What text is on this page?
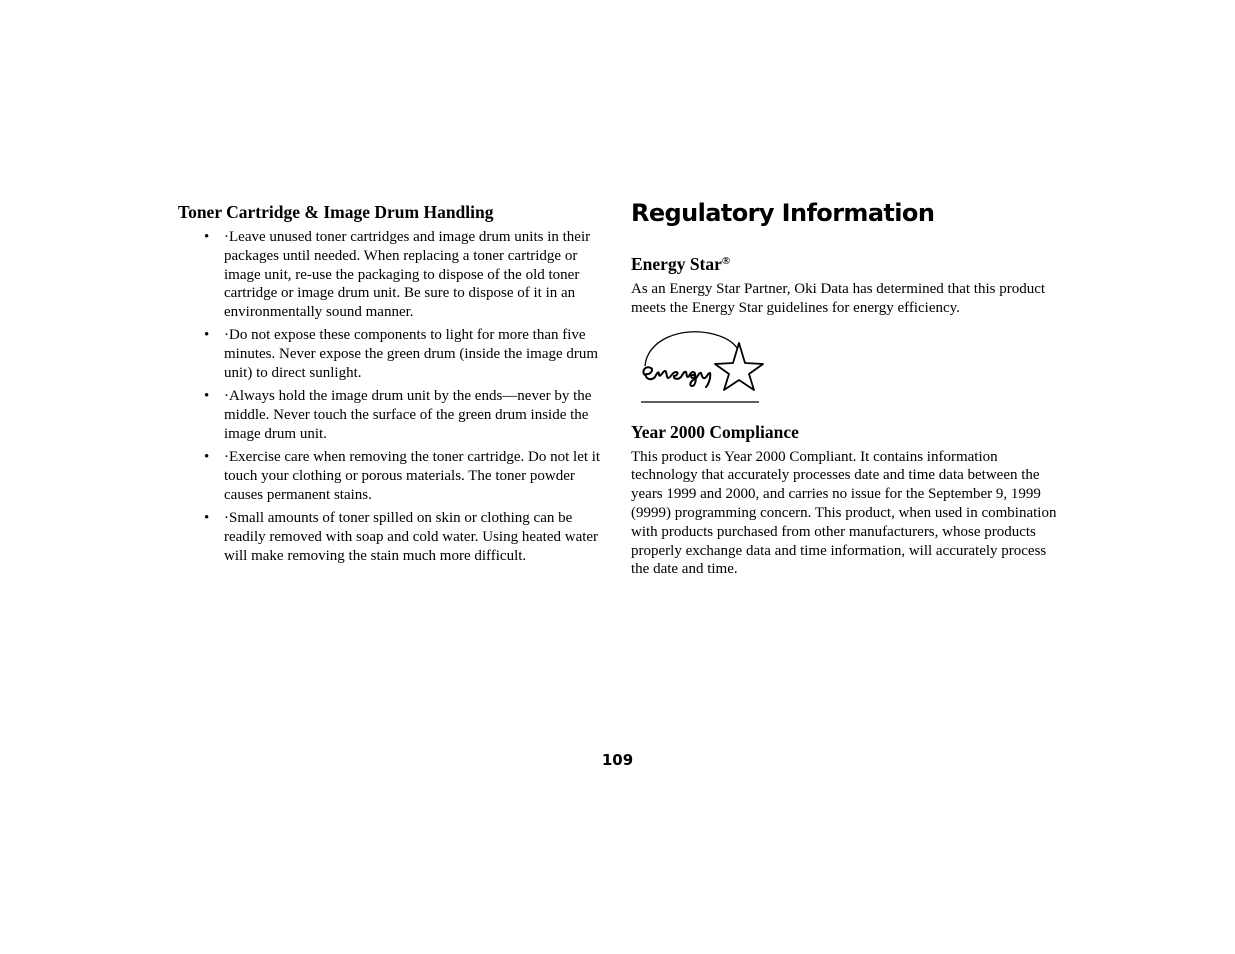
Toner Cartridge & Image Drum Handling
• ·Leave unused toner cartridges and image drum units in their packages until needed. When replacing a toner cartridge or image unit, re-use the packaging to dispose of the old toner cartridge or image drum unit. Be sure to dispose of it in an environmentally sound manner.
• ·Do not expose these components to light for more than five minutes. Never expose the green drum (inside the image drum unit) to direct sunlight.
• ·Always hold the image drum unit by the ends—never by the middle. Never touch the surface of the green drum inside the image drum unit.
• ·Exercise care when removing the toner cartridge. Do not let it touch your clothing or porous materials. The toner powder causes permanent stains.
• ·Small amounts of toner spilled on skin or clothing can be readily removed with soap and cold water. Using heated water will make removing the stain much more difficult.
Regulatory Information
Energy Star®

As an Energy Star Partner, Oki Data has determined that this product meets the Energy Star guidelines for energy efficiency.

Year 2000 Compliance

This product is Year 2000 Compliant. It contains information technology that accurately processes date and time data between the years 1999 and 2000, and carries no issue for the September 9, 1999 (9999) programming concern. This product, when used in combination with products purchased from other manufacturers, whose products properly exchange data and time information, will accurately process the date and time.

109
